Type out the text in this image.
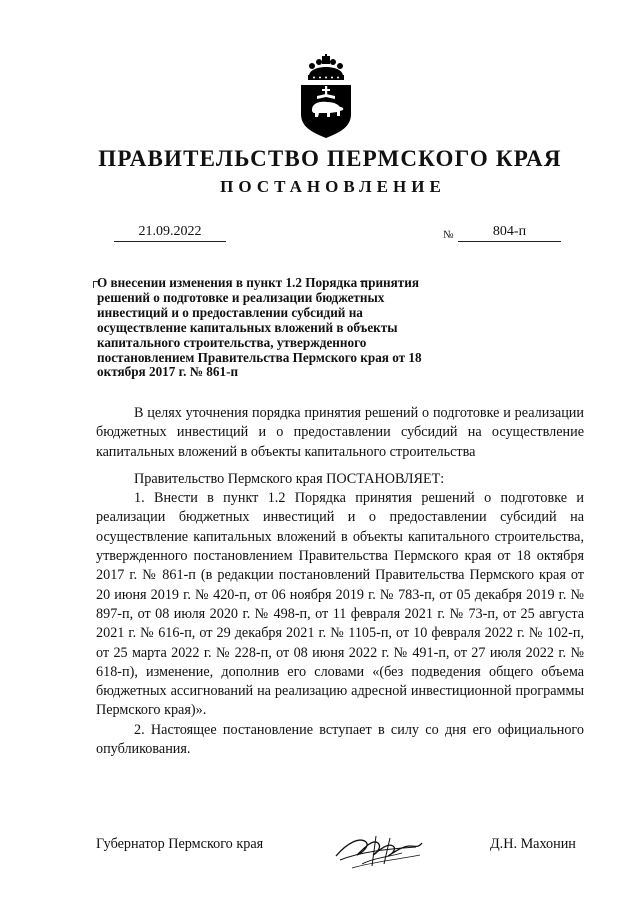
ПРАВИТЕЛЬСТВО ПЕРМСКОГО КРАЯ
ПОСТАНОВЛЕНИЕ
21.09.2022	№	804-п

О внесении изменения в пункт 1.2 Порядка принятия решений о подготовке и реализации бюджетных инвестиций и о предоставлении субсидий на осуществление капитальных вложений в объекты капитального строительства, утвержденного постановлением Правительства Пермского края от 18 октября 2017 г. № 861-п

В целях уточнения порядка принятия решений о подготовке и реализации бюджетных инвестиций и о предоставлении субсидий на осуществление капитальных вложений в объекты капитального строительства

Правительство Пермского края ПОСТАНОВЛЯЕТ:

1. Внести в пункт 1.2 Порядка принятия решений о подготовке и реализации бюджетных инвестиций и о предоставлении субсидий на осуществление капитальных вложений в объекты капитального строительства, утвержденного постановлением Правительства Пермского края от 18 октября 2017 г. № 861-п (в редакции постановлений Правительства Пермского края от 20 июня 2019 г. № 420-п, от 06 ноября 2019 г. № 783-п, от 05 декабря 2019 г. № 897-п, от 08 июля 2020 г. № 498-п, от 11 февраля 2021 г. № 73-п, от 25 августа 2021 г. № 616-п, от 29 декабря 2021 г. № 1105-п, от 10 февраля 2022 г. № 102-п, от 25 марта 2022 г. № 228-п, от 08 июня 2022 г. № 491-п, от 27 июля 2022 г. № 618-п), изменение, дополнив его словами «(без подведения общего объема бюджетных ассигнований на реализацию адресной инвестиционной программы Пермского края)».

2. Настоящее постановление вступает в силу со дня его официального опубликования.

Губернатор Пермского края	Д.Н. Махонин
